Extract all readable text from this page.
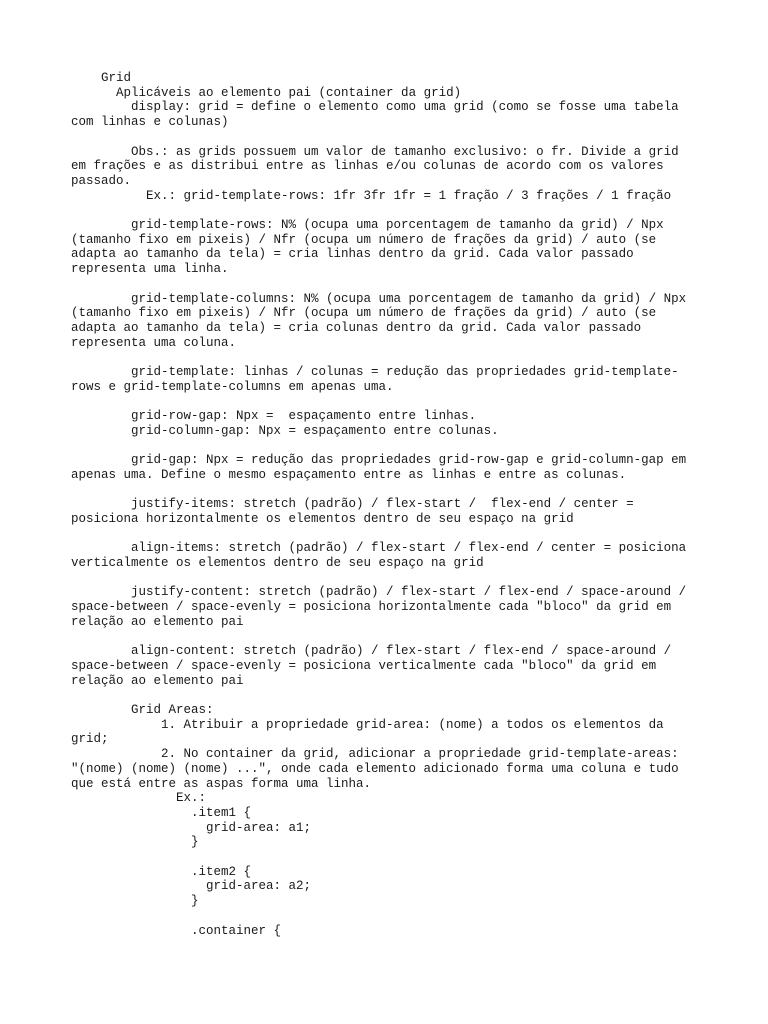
Grid
Aplicáveis ao elemento pai (container da grid)
display: grid = define o elemento como uma grid (como se fosse uma tabela
com linhas e colunas)
Obs.: as grids possuem um valor de tamanho exclusivo: o fr. Divide a grid
em frações e as distribui entre as linhas e/ou colunas de acordo com os valores
passado.
Ex.: grid-template-rows: 1fr 3fr 1fr = 1 fração / 3 frações / 1 fração
grid-template-rows: N% (ocupa uma porcentagem de tamanho da grid) / Npx
(tamanho fixo em pixeis) / Nfr (ocupa um número de frações da grid) / auto (se
adapta ao tamanho da tela) = cria linhas dentro da grid. Cada valor passado
representa uma linha.
grid-template-columns: N% (ocupa uma porcentagem de tamanho da grid) / Npx
(tamanho fixo em pixeis) / Nfr (ocupa um número de frações da grid) / auto (se
adapta ao tamanho da tela) = cria colunas dentro da grid. Cada valor passado
representa uma coluna.
grid-template: linhas / colunas = redução das propriedades grid-template-
rows e grid-template-columns em apenas uma.
grid-row-gap: Npx =  espaçamento entre linhas.
grid-column-gap: Npx = espaçamento entre colunas.
grid-gap: Npx = redução das propriedades grid-row-gap e grid-column-gap em
apenas uma. Define o mesmo espaçamento entre as linhas e entre as colunas.
justify-items: stretch (padrão) / flex-start /  flex-end / center =
posiciona horizontalmente os elementos dentro de seu espaço na grid
align-items: stretch (padrão) / flex-start / flex-end / center = posiciona
verticalmente os elementos dentro de seu espaço na grid
justify-content: stretch (padrão) / flex-start / flex-end / space-around /
space-between / space-evenly = posiciona horizontalmente cada "bloco" da grid em
relação ao elemento pai
align-content: stretch (padrão) / flex-start / flex-end / space-around /
space-between / space-evenly = posiciona verticalmente cada "bloco" da grid em
relação ao elemento pai
Grid Areas:
1. Atribuir a propriedade grid-area: (nome) a todos os elementos da
grid;
2. No container da grid, adicionar a propriedade grid-template-areas:
"(nome) (nome) (nome) ...", onde cada elemento adicionado forma uma coluna e tudo
que está entre as aspas forma uma linha.
Ex.:
.item1 {
grid-area: a1;
}
.item2 {
grid-area: a2;
}
.container {
